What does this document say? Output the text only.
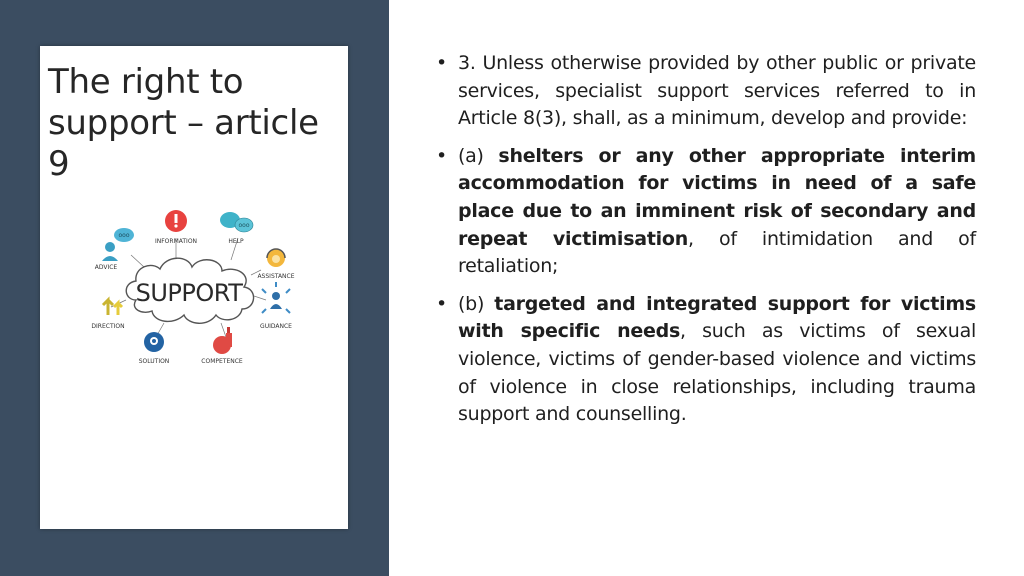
The right to support – article 9
SUPPORT
INFORMATION
ooo
HELP
ooo
ADVICE
ASSISTANCE
DIRECTION	GUIDANCE
SOLUTION	COMPETENCE
• 3. Unless otherwise provided by other public or private services, specialist support services referred to in Article 8(3), shall, as a minimum, develop and provide:
• (a) shelters or any other appropriate interim accommodation for victims in need of a safe place due to an imminent risk of secondary and repeat victimisation, of intimidation and of retaliation;
• (b) targeted and integrated support for victims with specific needs, such as victims of sexual violence, victims of gender-based violence and victims of violence in close relationships, including trauma support and counselling.
